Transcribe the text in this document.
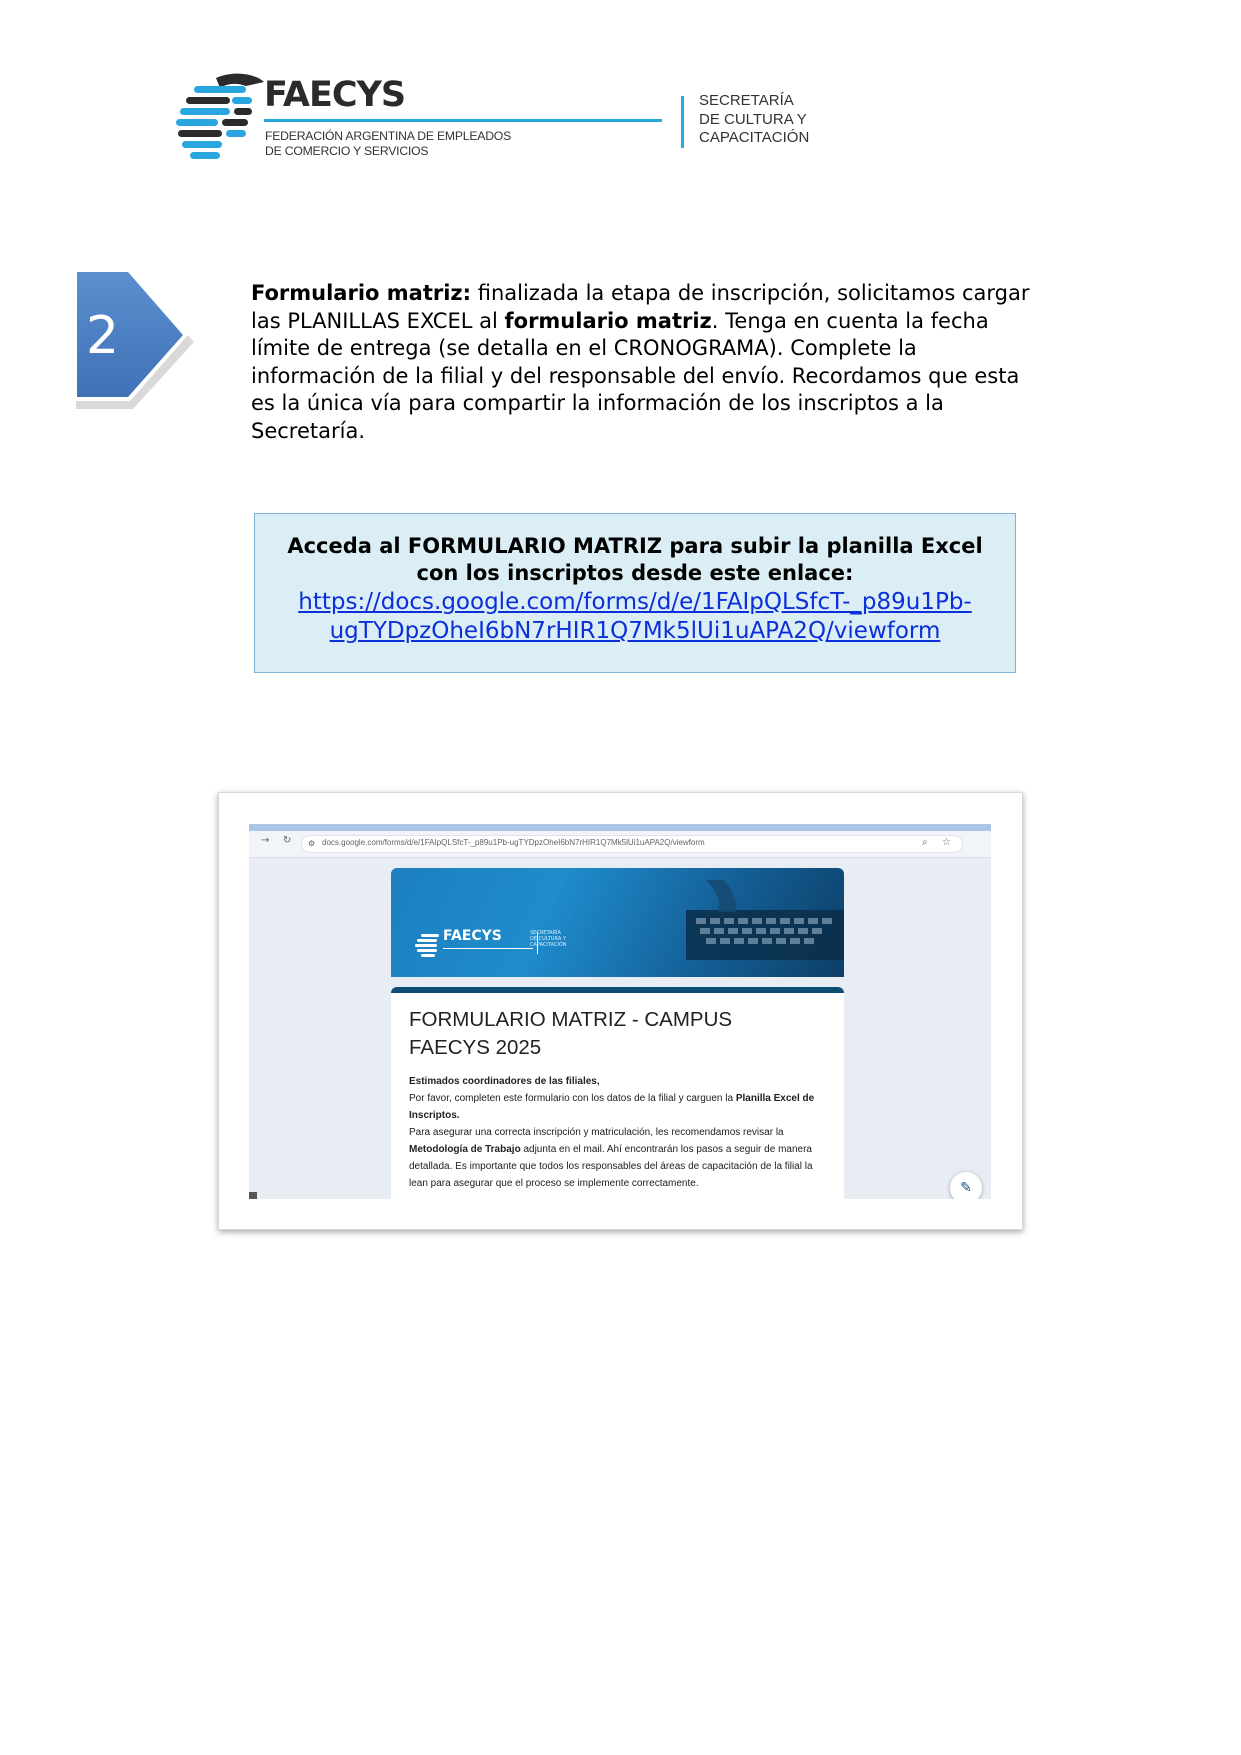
FAECYS
FEDERACIÓN ARGENTINA DE EMPLEADOS
DE COMERCIO Y SERVICIOS
SECRETARÍA
DE CULTURA Y
CAPACITACIÓN
2
Formulario matriz: finalizada la etapa de inscripción, solicitamos cargar las PLANILLAS EXCEL al formulario matriz. Tenga en cuenta la fecha límite de entrega (se detalla en el CRONOGRAMA). Complete la información de la filial y del responsable del envío. Recordamos que esta es la única vía para compartir la información de los inscriptos a la Secretaría.
Acceda al FORMULARIO MATRIZ para subir la planilla Excel con los inscriptos desde este enlace:
https://docs.google.com/forms/d/e/1FAIpQLSfcT-_p89u1Pb-
ugTYDpzOheI6bN7rHIR1Q7Mk5lUi1uAPA2Q/viewform
→ ↻ ⚙ docs.google.com/forms/d/e/1FAIpQLSfcT-_p89u1Pb-ugTYDpzOheI6bN7rHIR1Q7Mk5lUi1uAPA2Q/viewform	⌕ ☆
FAECYS	SECRETARÍA DE CULTURA Y CAPACITACIÓN
FORMULARIO MATRIZ - CAMPUS
FAECYS 2025
Estimados coordinadores de las filiales,
Por favor, completen este formulario con los datos de la filial y carguen la Planilla Excel de Inscriptos.
Para asegurar una correcta inscripción y matriculación, les recomendamos revisar la Metodología de Trabajo adjunta en el mail. Ahí encontrarán los pasos a seguir de manera detallada. Es importante que todos los responsables del áreas de capacitación de la filial la lean para asegurar que el proceso se implemente correctamente.	✎
